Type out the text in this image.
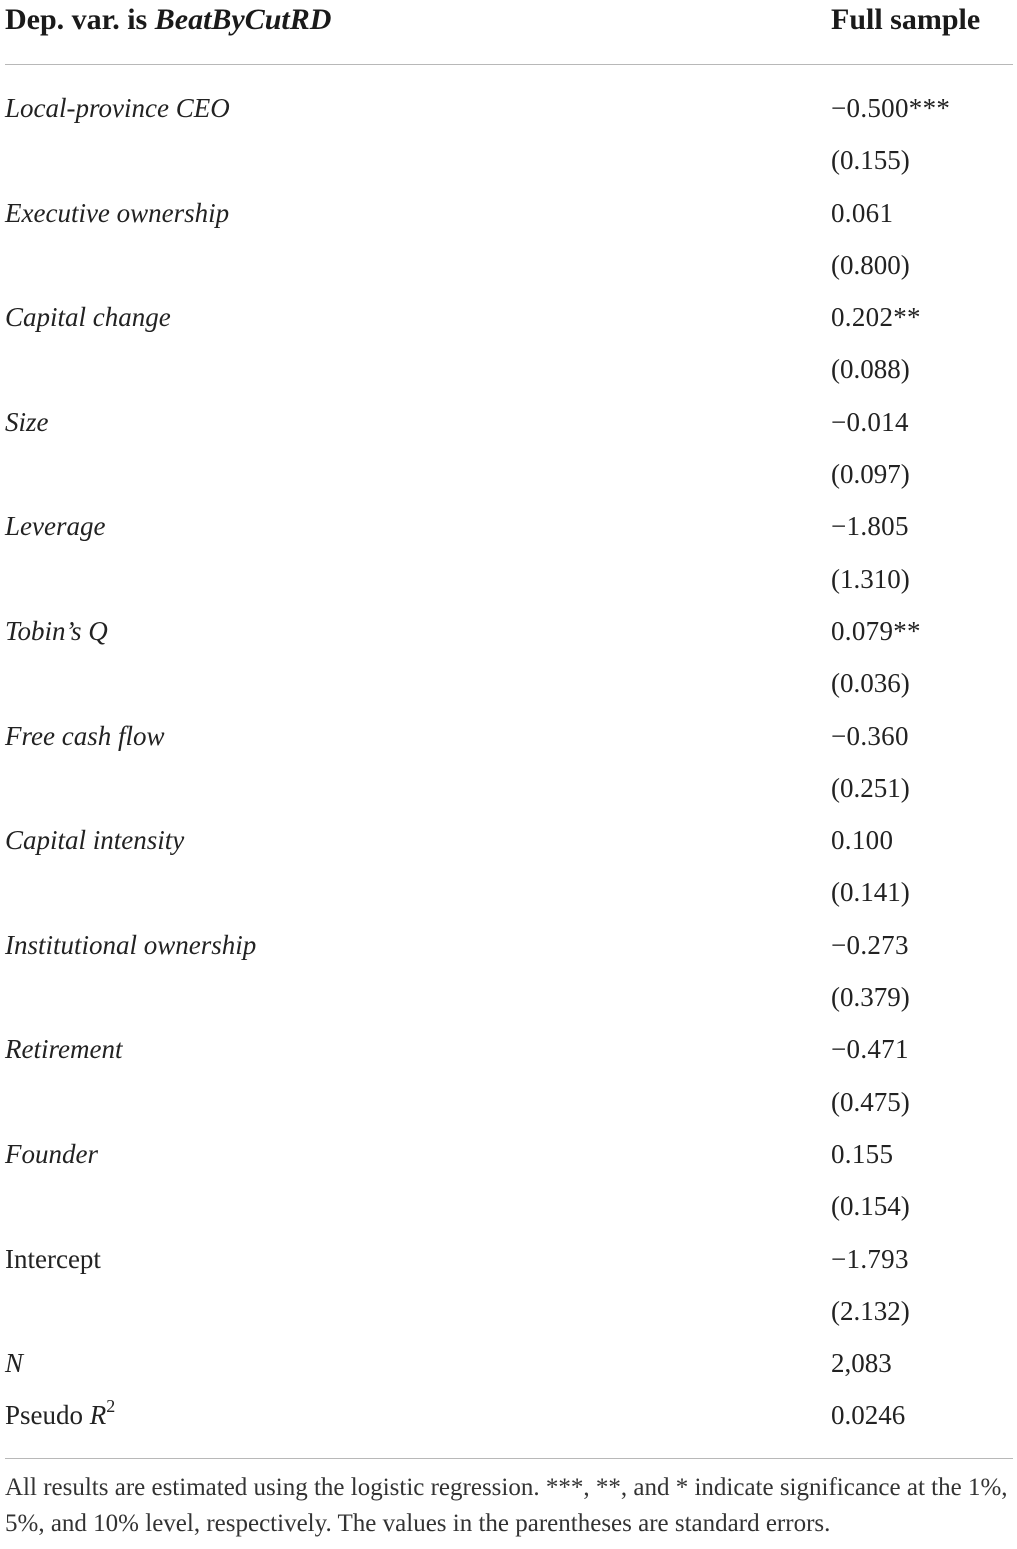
Dep. var. is BeatByCutRD	Full sample
Local-province CEO	−0.500***
(0.155)
Executive ownership	0.061
(0.800)
Capital change	0.202**
(0.088)
Size	−0.014
(0.097)
Leverage	−1.805
(1.310)
Tobin’s Q	0.079**
(0.036)
Free cash flow	−0.360
(0.251)
Capital intensity	0.100
(0.141)
Institutional ownership	−0.273
(0.379)
Retirement	−0.471
(0.475)
Founder	0.155
(0.154)
Intercept	−1.793
(2.132)
N	2,083
Pseudo $R^2$	0.0246
All results are estimated using the logistic regression. ***, **, and * indicate significance at the 1%, 5%, and 10% level, respectively. The values in the parentheses are standard errors.
